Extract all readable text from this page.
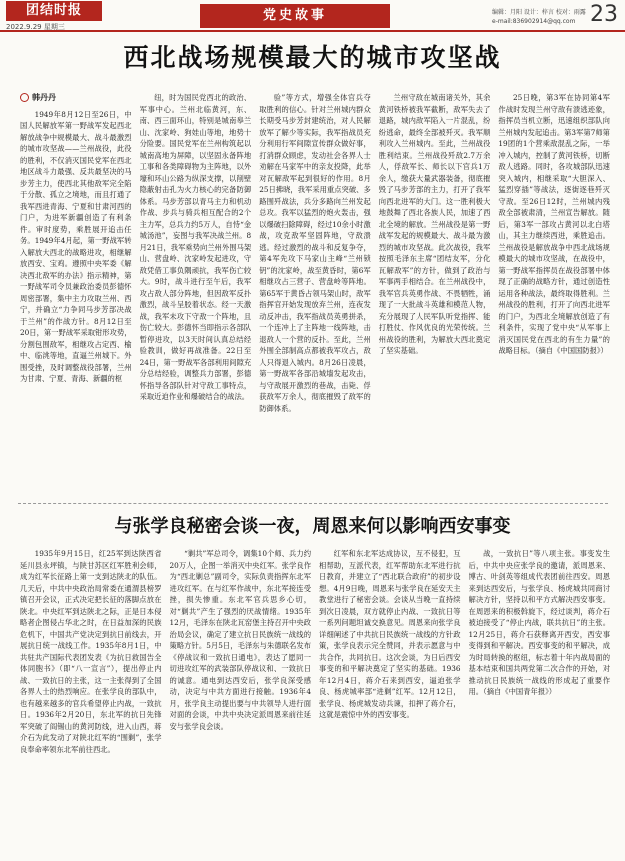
团结时报
2022.9.29 星期三
党史故事	编辑：月阳 设计：梓言 校对：雨露
e-mail:836902914@qq.com 23
西北战场规模最大的城市攻坚战
韩丹丹

1949年8月12日至26日，中国人民解放军第一野战军发起西北解放战争中规模最大、战斗最激烈的城市攻坚战——兰州战役，此役的胜利，不仅消灭国民党军在西北地区战斗力最强、反共最坚决的马步芳主力，使西北其他敌军完全陷于分散、孤立之境地，而且打通了我军西进青海、宁夏和甘肃河西的门户，为进军新疆创造了有利条件。审时度势，乘胜展开追击任务。1949年4月起，第一野战军转入解放大西北的战略进攻，相继解放西安、宝鸡。遵照中央军委《解决西北敌军的办法》指示精神，第一野战军司令员兼政治委员彭德怀周密部署，集中主力攻取兰州、西宁，并确立“力争同马步芳部决战于兰州”的作战方针。8月12日至20日，第一野战军采取钳形攻势，分割包围敌军，相继攻占定西、榆中、临洮等地，直逼兰州城下。外围受挫，及时调整战役部署，兰州为甘肃、宁夏、青海、新疆的枢

纽，时为国民党西北的政治、军事中心。兰州北临黄河，东、南、西三面环山，特别是城南皋兰山、沈家岭、狗娃山等地，地势十分险要。国民党军在兰州构筑起以城南高地为屏障，以坚固永备阵地工事和各类障碍物为主阵地，以外壕和环山公路为纵深支撑，以削壁隐蔽射击孔为火力核心的完备防御体系。马步芳部以青马主力和机动作战、步兵与骑兵相互配合的2个主力军，总兵力约5万人，自恃“金城汤池”，妄图与我军决战兰州。8月21日，我军乘势向兰州外围马架山、营盘岭、沈家岭发起进攻，守敌凭借工事负隅顽抗，我军伤亡较大。9时，战斗进行至午后，我军攻占敌人部分阵地，但因敌军反扑激烈，战斗呈胶着状态。经一天激战，我军未攻下守敌一个阵地，且伤亡较大。彭德怀当即指示各部队暂停进攻，以3天时间认真总结经验教训，做好再战准备。22日至24日，第一野战军各部利用间隙充分总结经验，调整兵力部署，彭德怀指导各部队针对守敌工事特点，采取近迫作业和爆破结合的战法。

验”等方式，增强全体官兵夺取胜利的信心。针对兰州城内群众长期受马步芳封建统治，对人民解放军了解少等实际，我军指战员充分利用行军间隙宣传群众做好事，打消群众顾虑，发动社会各界人士劝解在马家军中的亲友投降，此举对瓦解敌军起到很好的作用。8月25日拂晓，我军采用重点突破、多路围歼战法，兵分多路向兰州发起总攻。我军以猛烈的炮火轰击，强以爆破扫除障碍，经过10余小时激战，攻克敌军坚固阵地，守敌溃逃。经过激烈的战斗和反复争夺，第4军先攻下马家山主峰“兰州锁钥”的沈家岭，战至黄昏时，第6军相继攻占三营子、营盘岭等阵地。第65军于黄昏占领马架山时，敌军指挥官开始发现放弃兰州，连夜发动反冲击，我军指战员英勇拼杀，一个连冲上了主阵地一线阵地，击退敌人一个营的反扑。至此，兰州外围全部制高点都被我军攻占，敌人只得退入城内。8月26日凌晨，第一野战军各部沿城墙发起攻击，与守敌展开激烈的巷战，击毙、俘获敌军万余人，彻底摧毁了敌军的防御体系。

兰州守敌在城南诸关外，其余黄河铁桥被我军截断，敌军失去了退路，城内敌军陷入一片混乱，纷纷逃命，最终全部被歼灭。我军顺利攻入兰州城内。至此，兰州战役胜利结束。兰州战役歼敌2.7万余人，俘敌军长、师长以下官兵1万余人，缴获大量武器装备，彻底摧毁了马步芳部的主力，打开了我军向西北进军的大门。这一胜利极大地鼓舞了西北各族人民，加速了西北全境的解放。兰州战役是第一野战军发起的规模最大、战斗最为激烈的城市攻坚战。此次战役，我军按照毛泽东主席“团结友军，分化瓦解敌军”的方针，做到了政治与军事两手相结合。在兰州战役中，我军官兵英勇作战、不畏牺牲，涌现了一大批战斗英雄和模范人物，充分展现了人民军队听党指挥、能打胜仗、作风优良的光荣传统。兰州战役的胜利，为解放大西北奠定了坚实基础。

25日晚，第3军在协同第4军作战时发现兰州守敌有溃逃迹象，指挥员当机立断，迅速组织部队向兰州城内发起追击。第3军第7师第19团的1个营乘敌混乱之际，一举冲入城内，控制了黄河铁桥，切断敌人逃路。同时，各攻城部队迅速突入城内，相继采取“大胆深入、猛烈穿插”等战法，逐街逐巷歼灭守敌。至26日12时，兰州城内残敌全部被肃清，兰州宣告解放。随后，第3军一部攻占黄河以北白塔山，其主力继续西进，乘胜追击。兰州战役是解放战争中西北战场规模最大的城市攻坚战，在战役中，第一野战军指挥员在战役部署中体现了正确的战略方针，通过创造性运用各种战法，最终取得胜利。兰州战役的胜利，打开了向西北进军的门户，为西北全境解放创造了有利条件，实现了党中央“从军事上消灭国民党在西北的有生力量”的战略目标。（摘自《中国国防报》）

与张学良秘密会谈一夜，周恩来何以影响西安事变

1935年9月15日，红25军到达陕西省延川县永坪镇，与陕甘苏区红军胜利会师，成为红军长征路上第一支到达陕北的队伍。几天后，中共中央政治局常委在通渭县榜罗镇召开会议，正式决定把长征的落脚点放在陕北。中央红军到达陕北之际，正是日本侵略者企图侵占华北之时，在日益加深的民族危机下，中国共产党决定到抗日前线去，开展抗日统一战线工作。1935年8月1日，中共驻共产国际代表团发表《为抗日救国告全体同胞书》（即“八一宣言”），提出停止内战、一致抗日的主张，这一主张得到了全国各界人士的热烈响应。在张学良的部队中，也有越来越多的官兵希望停止内战，一致抗日。1936年2月20日，东北军的抗日先锋军突破了阎锡山的黄河防线，进入山西，蒋介石为此发动了对陕北红军的“围剿”，张学良奉命率领东北军前往西北。

“剿共”军总司令，调集10个师、兵力约20万人，企图一举消灭中央红军。张学良作为“西北剿总”副司令，实际负责指挥东北军进攻红军。在与红军作战中，东北军接连受挫，损失惨重。东北军官兵思乡心切，对“剿共”产生了强烈的厌战情绪。1935年12月，毛泽东在陕北瓦窑堡主持召开中央政治局会议，确定了建立抗日民族统一战线的策略方针。5月5日，毛泽东与朱德联名发布《停战议和一致抗日通电》，表达了愿同一切进攻红军的武装部队停战议和、一致抗日的诚意。通电到达西安后，张学良深受感动，决定与中共方面进行接触。1936年4月，张学良主动提出要与中共领导人进行面对面的会谈，中共中央决定派周恩来前往延安与张学良会谈。

红军和东北军达成协议，互不侵犯，互相帮助，互派代表，红军帮助东北军进行抗日教育，并建立了“西北联合政府”的初步设想。4月9日晚，周恩来与张学良在延安天主教堂进行了秘密会谈。会谈从当晚一直持续到次日凌晨，双方就停止内战、一致抗日等一系列问题坦诚交换意见。周恩来向张学良详细阐述了中共抗日民族统一战线的方针政策，张学良表示完全赞同，并表示愿意与中共合作，共同抗日。这次会谈，为日后西安事变的和平解决奠定了坚实的基础。1936年12月4日，蒋介石来到西安，逼迫张学良、杨虎城率部“进剿”红军。12月12日，张学良、杨虎城发动兵谏，扣押了蒋介石，这就是震惊中外的西安事变。

战，一致抗日”等八项主张。事变发生后，中共中央应张学良的邀请，派周恩来、博古、叶剑英等组成代表团前往西安。周恩来到达西安后，与张学良、杨虎城共同商讨解决方针，坚持以和平方式解决西安事变。在周恩来的积极斡旋下，经过谈判，蒋介石被迫接受了“停止内战，联共抗日”的主张。12月25日，蒋介石获释离开西安，西安事变得到和平解决。西安事变的和平解决，成为时局转换的枢纽，标志着十年内战局面的基本结束和国共两党第二次合作的开始，对推动抗日民族统一战线的形成起了重要作用。（摘自《中国青年报》）
